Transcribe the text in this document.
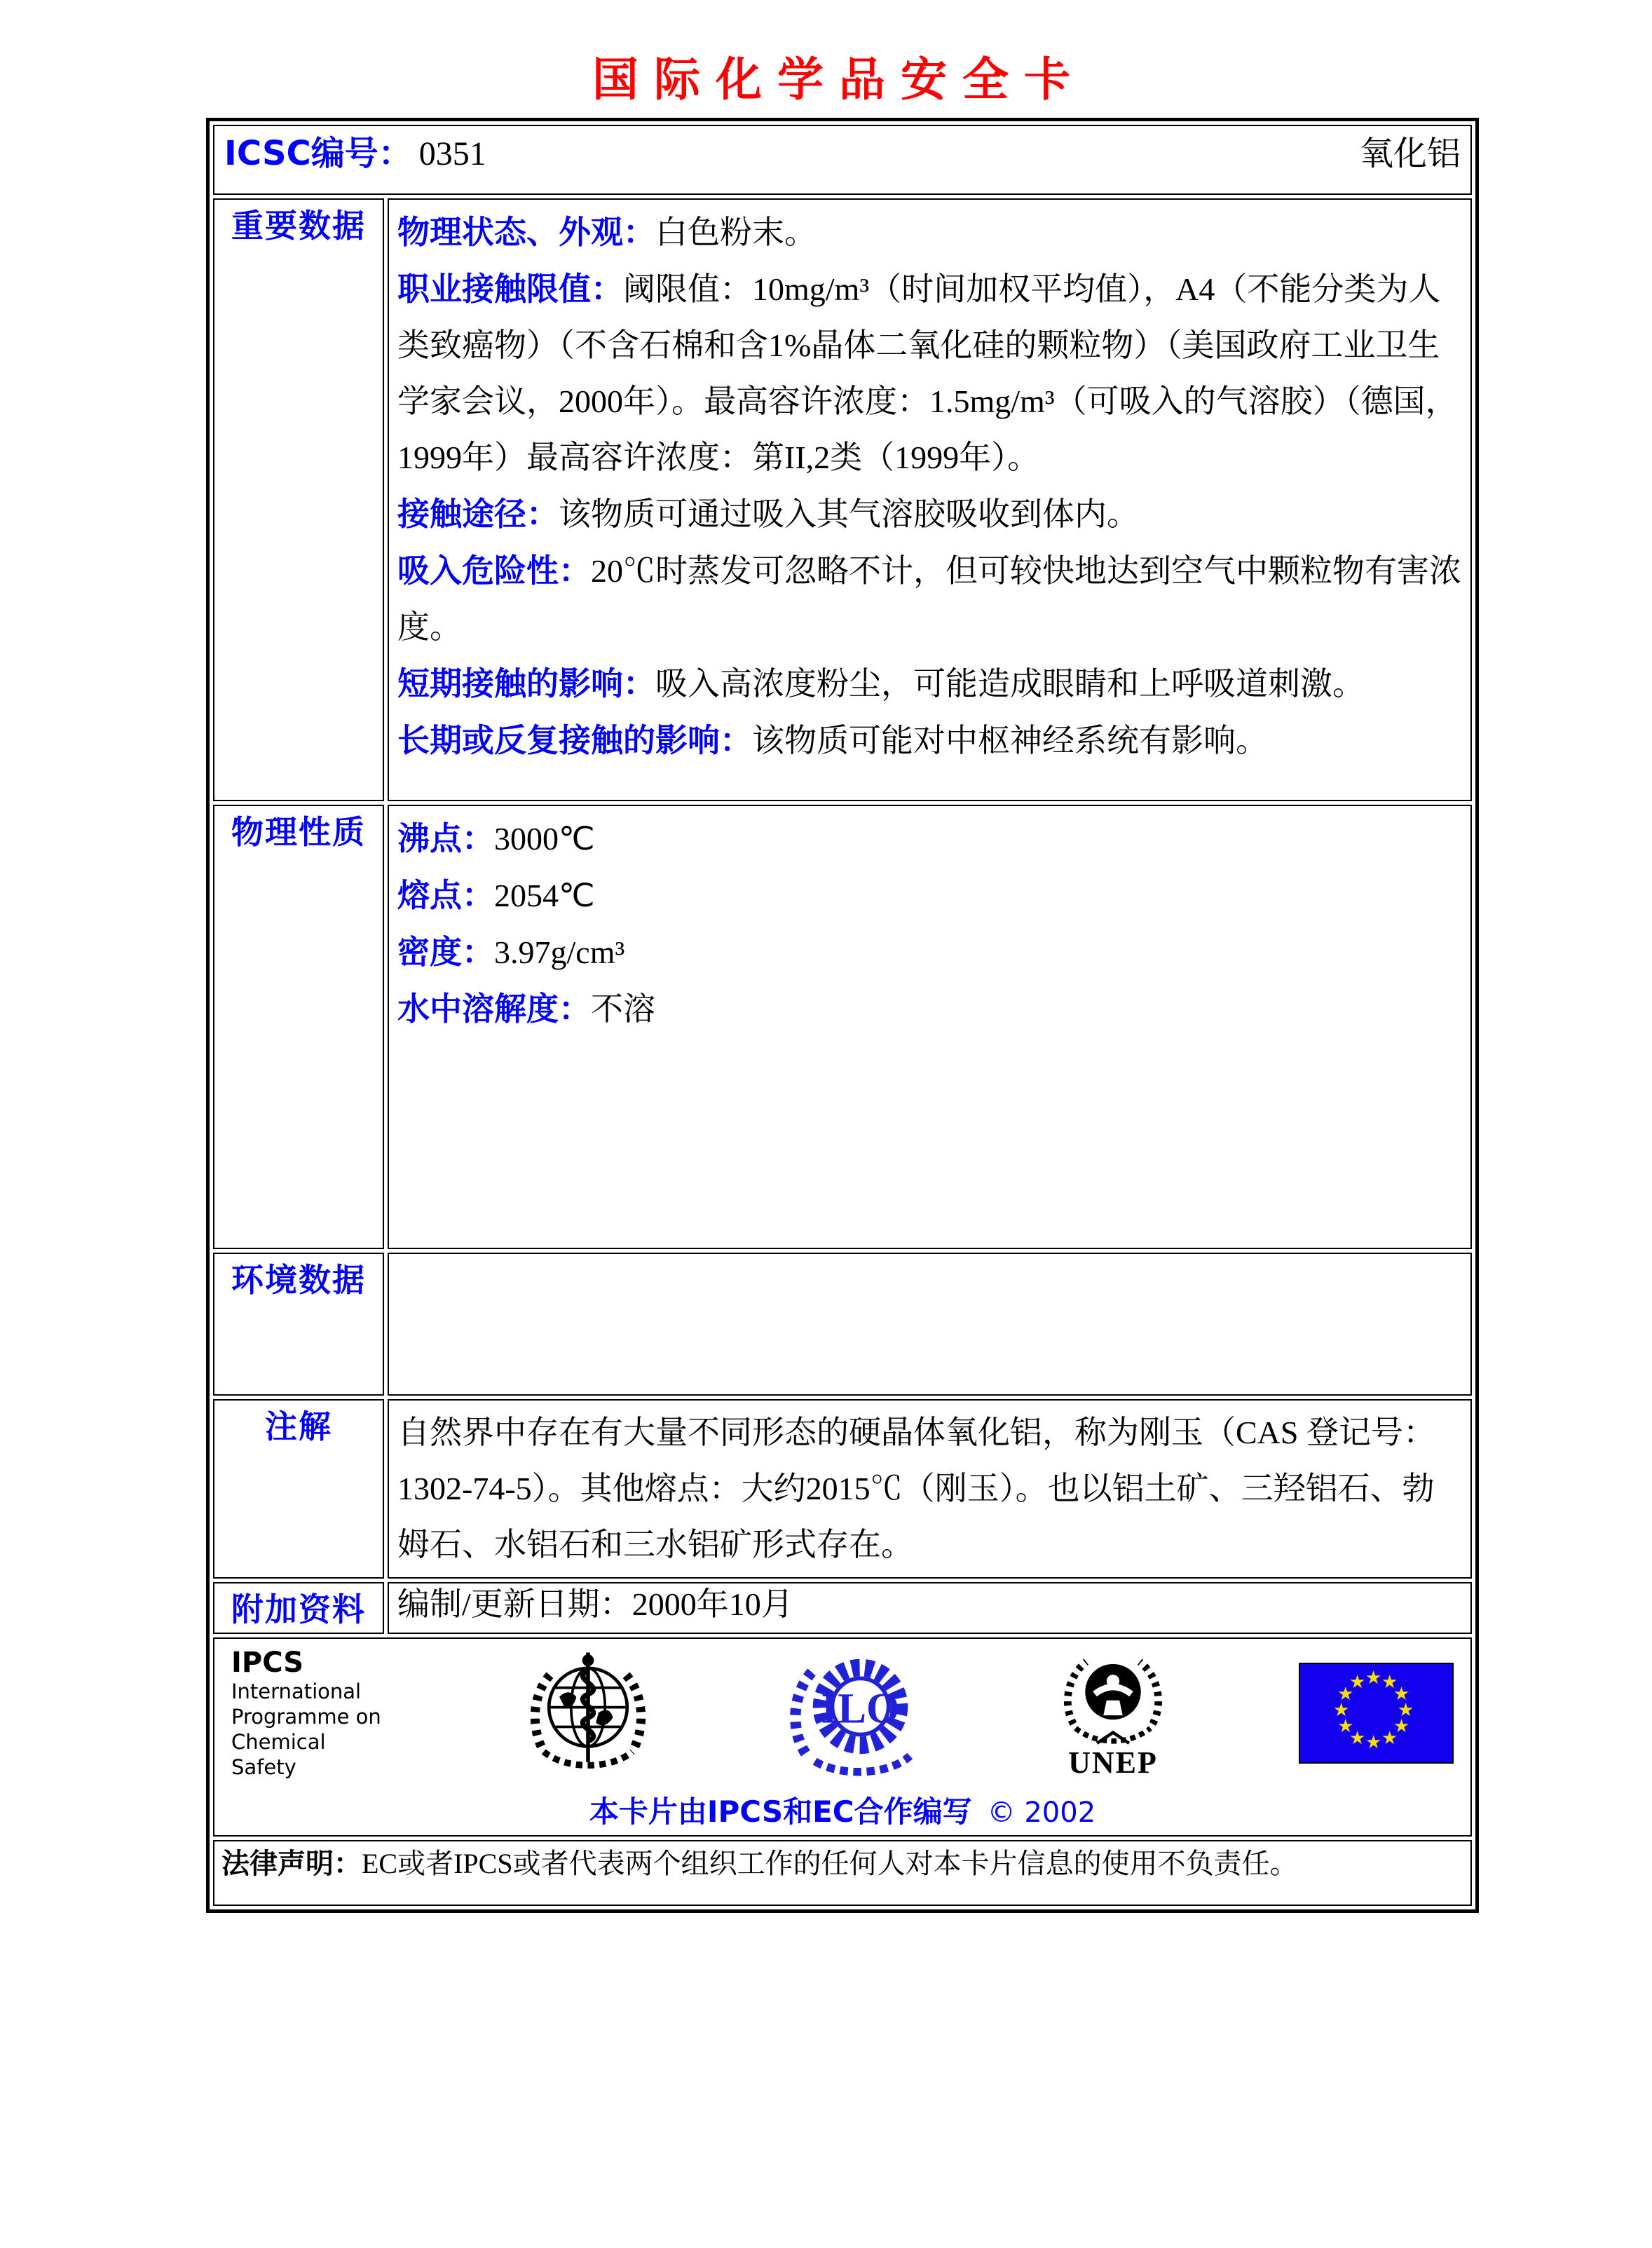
国际化学品安全卡
ICSC编号： 0351 氧化铝	

重要数据	物理状态、外观：白色粉末。
职业接触限值：阈限值：10mg/m³（时间加权平均值），A4（不能分类为人类致癌物）（不含石棉和含1%晶体二氧化硅的颗粒物）（美国政府工业卫生学家会议，2000年）。最高容许浓度：1.5mg/m³（可吸入的气溶胶）（德国，1999年）最高容许浓度：第II,2类（1999年）。
接触途径：该物质可通过吸入其气溶胶吸收到体内。
吸入危险性：20℃时蒸发可忽略不计，但可较快地达到空气中颗粒物有害浓度。
短期接触的影响：吸入高浓度粉尘，可能造成眼睛和上呼吸道刺激。
长期或反复接触的影响：该物质可能对中枢神经系统有影响。

物理性质	沸点：3000℃
熔点：2054℃
密度：3.97g/cm³
水中溶解度：不溶

环境数据	

注解	自然界中存在有大量不同形态的硬晶体氧化铝，称为刚玉（CAS 登记号：1302-74-5）。其他熔点：大约2015℃（刚玉）。也以铝土矿、三羟铝石、勃姆石、水铝石和三水铝矿形式存在。

附加资料	编制/更新日期：2000年10月

IPCS
International
Programme on
Chemical Safety
ILO
UNEP
★ ★
★
★
★
★
★
★
★
★
★
★
本卡片由IPCS和EC合作编写 © 2002

法律声明：EC或者IPCS或者代表两个组织工作的任何人对本卡片信息的使用不负责任。	
